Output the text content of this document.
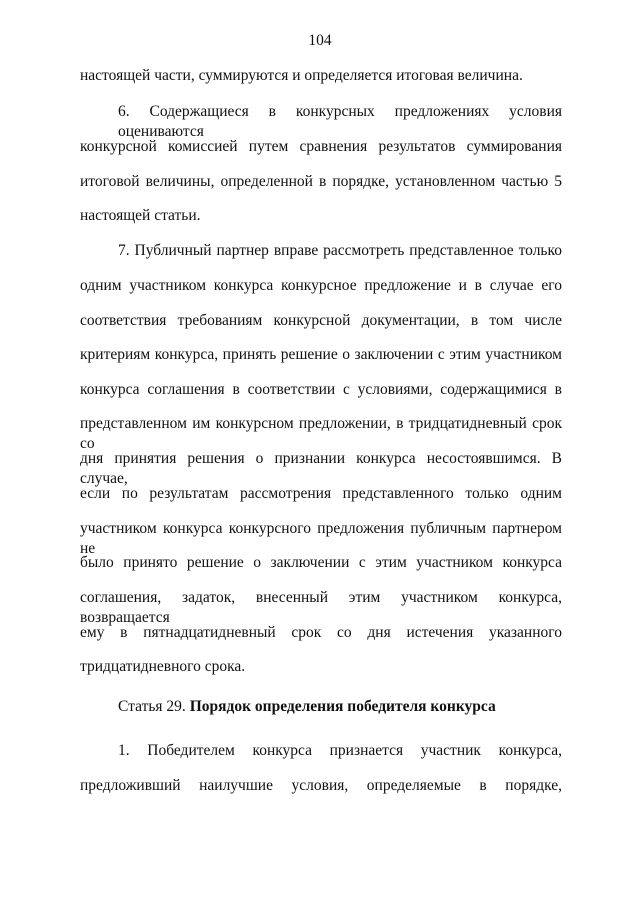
104
настоящей части, суммируются и определяется итоговая величина.
6. Содержащиеся в конкурсных предложениях условия оцениваются
конкурсной комиссией путем сравнения результатов суммирования
итоговой величины, определенной в порядке, установленном частью 5
настоящей статьи.
7. Публичный партнер вправе рассмотреть представленное только
одним участником конкурса конкурсное предложение и в случае его
соответствия требованиям конкурсной документации, в том числе
критериям конкурса, принять решение о заключении с этим участником
конкурса соглашения в соответствии с условиями, содержащимися в
представленном им конкурсном предложении, в тридцатидневный срок со
дня принятия решения о признании конкурса несостоявшимся. В случае,
если по результатам рассмотрения представленного только одним
участником конкурса конкурсного предложения публичным партнером не
было принято решение о заключении с этим участником конкурса
соглашения, задаток, внесенный этим участником конкурса, возвращается
ему в пятнадцатидневный срок со дня истечения указанного
тридцатидневного срока.
Статья 29. Порядок определения победителя конкурса
1. Победителем конкурса признается участник конкурса,
предложивший наилучшие условия, определяемые в порядке,
